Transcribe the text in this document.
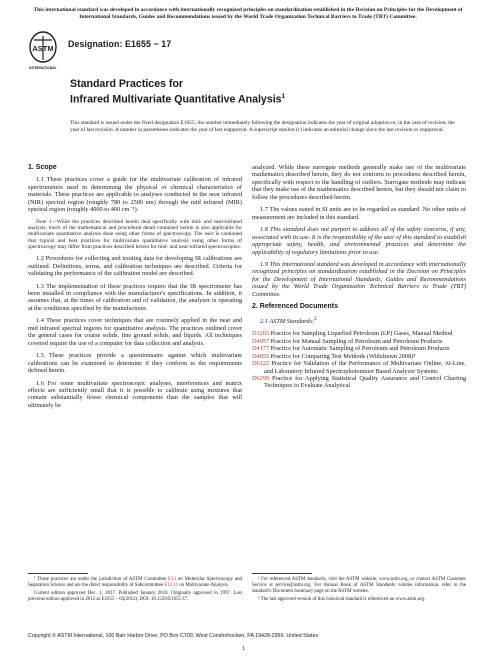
This international standard was developed in accordance with internationally recognized principles on standardization established in the Decision on Principles for the Development of International Standards, Guides and Recommendations issued by the World Trade Organization Technical Barriers to Trade (TBT) Committee.
ASTM
INTERNATIONAL
Designation: E1655 − 17
Standard Practices for
Infrared Multivariate Quantitative Analysis$^1$
This standard is issued under the fixed designation E1655; the number immediately following the designation indicates the year of original adoption or, in the case of revision, the year of last revision. A number in parentheses indicates the year of last reapproval. A superscript epsilon (ε) indicates an editorial change since the last revision or reapproval.
1. Scope

1.1 These practices cover a guide for the multivariate calibration of infrared spectrometers used in determining the physical or chemical characteristics of materials. These practices are applicable to analyses conducted in the near infrared (NIR) spectral region (roughly 780 to 2500 nm) through the mid infrared (MIR) spectral region (roughly 4000 to 400 cm⁻¹).

Note 1—While the practices described herein deal specifically with mid- and near-infrared analysis, much of the mathematical and procedural detail contained herein is also applicable for multivariate quantitative analysis done using other forms of spectroscopy. The user is cautioned that typical and best practices for multivariate quantitative analysis using other forms of spectroscopy may differ from practices described herein for mid- and near-infrared spectroscopies.

1.2 Procedures for collecting and treating data for developing IR calibrations are outlined. Definitions, terms, and calibration techniques are described. Criteria for validating the performance of the calibration model are described.

1.3 The implementation of these practices require that the IR spectrometer has been installed in compliance with the manufacturer's specifications. In addition, it assumes that, at the times of calibration and of validation, the analyzer is operating at the conditions specified by the manufacturer.

1.4 These practices cover techniques that are routinely applied in the near and mid infrared spectral regions for quantitative analysis. The practices outlined cover the general cases for coarse solids, fine ground solids, and liquids. All techniques covered require the use of a computer for data collection and analysis.

1.5 These practices provide a questionnaire against which multivariate calibrations can be examined to determine if they conform to the requirements defined herein.

1.6 For some multivariate spectroscopic analyses, interferences and matrix effects are sufficiently small that it is possible to calibrate using mixtures that contain substantially fewer chemical components than the samples that will ultimately be

analyzed. While these surrogate methods generally make use of the multivariate mathematics described herein, they do not conform to procedures described herein, specifically with respect to the handling of outliers. Surrogate methods may indicate that they make use of the mathematics described herein, but they should not claim to follow the procedures described herein.

1.7 The values stated in SI units are to be regarded as standard. No other units of measurement are included in this standard.

1.8 This standard does not purport to address all of the safety concerns, if any, associated with its use. It is the responsibility of the user of this standard to establish appropriate safety, health, and environmental practices and determine the applicability of regulatory limitations prior to use.

1.9 This international standard was developed in accordance with internationally recognized principles on standardization established in the Decision on Principles for the Development of International Standards, Guides and Recommendations issued by the World Trade Organization Technical Barriers to Trade (TBT) Committee.

2. Referenced Documents

2.1 ASTM Standards:$^2$

D1265 Practice for Sampling Liquefied Petroleum (LP) Gases, Manual Method
D4057 Practice for Manual Sampling of Petroleum and Petroleum Products
D4177 Practice for Automatic Sampling of Petroleum and Petroleum Products
D4855 Practice for Comparing Test Methods (Withdrawn 2008)³
D6122 Practice for Validation of the Performance of Multivariate Online, At-Line, and Laboratory Infrared Spectrophotometer Based Analyzer Systems
D6299 Practice for Applying Statistical Quality Assurance and Control Charting Techniques to Evaluate Analytical

¹ These practices are under the jurisdiction of ASTM Committee E13 on Molecular Spectroscopy and Separation Science and are the direct responsibility of Subcommittee E13.11 on Multivariate Analysis.

Current edition approved Dec. 1, 2017. Published January 2018. Originally approved in 1997. Last previous edition approved in 2012 as E1655 – 05(2012). DOI: 10.1520/E1655-17.

² For referenced ASTM standards, visit the ASTM website, www.astm.org, or contact ASTM Customer Service at service@astm.org. For Annual Book of ASTM Standards volume information, refer to the standard's Document Summary page on the ASTM website.

³ The last approved version of this historical standard is referenced on www.astm.org.

Copyright © ASTM International, 100 Barr Harbor Drive, PO Box C700, West Conshohocken, PA 19428-2959. United States
1
